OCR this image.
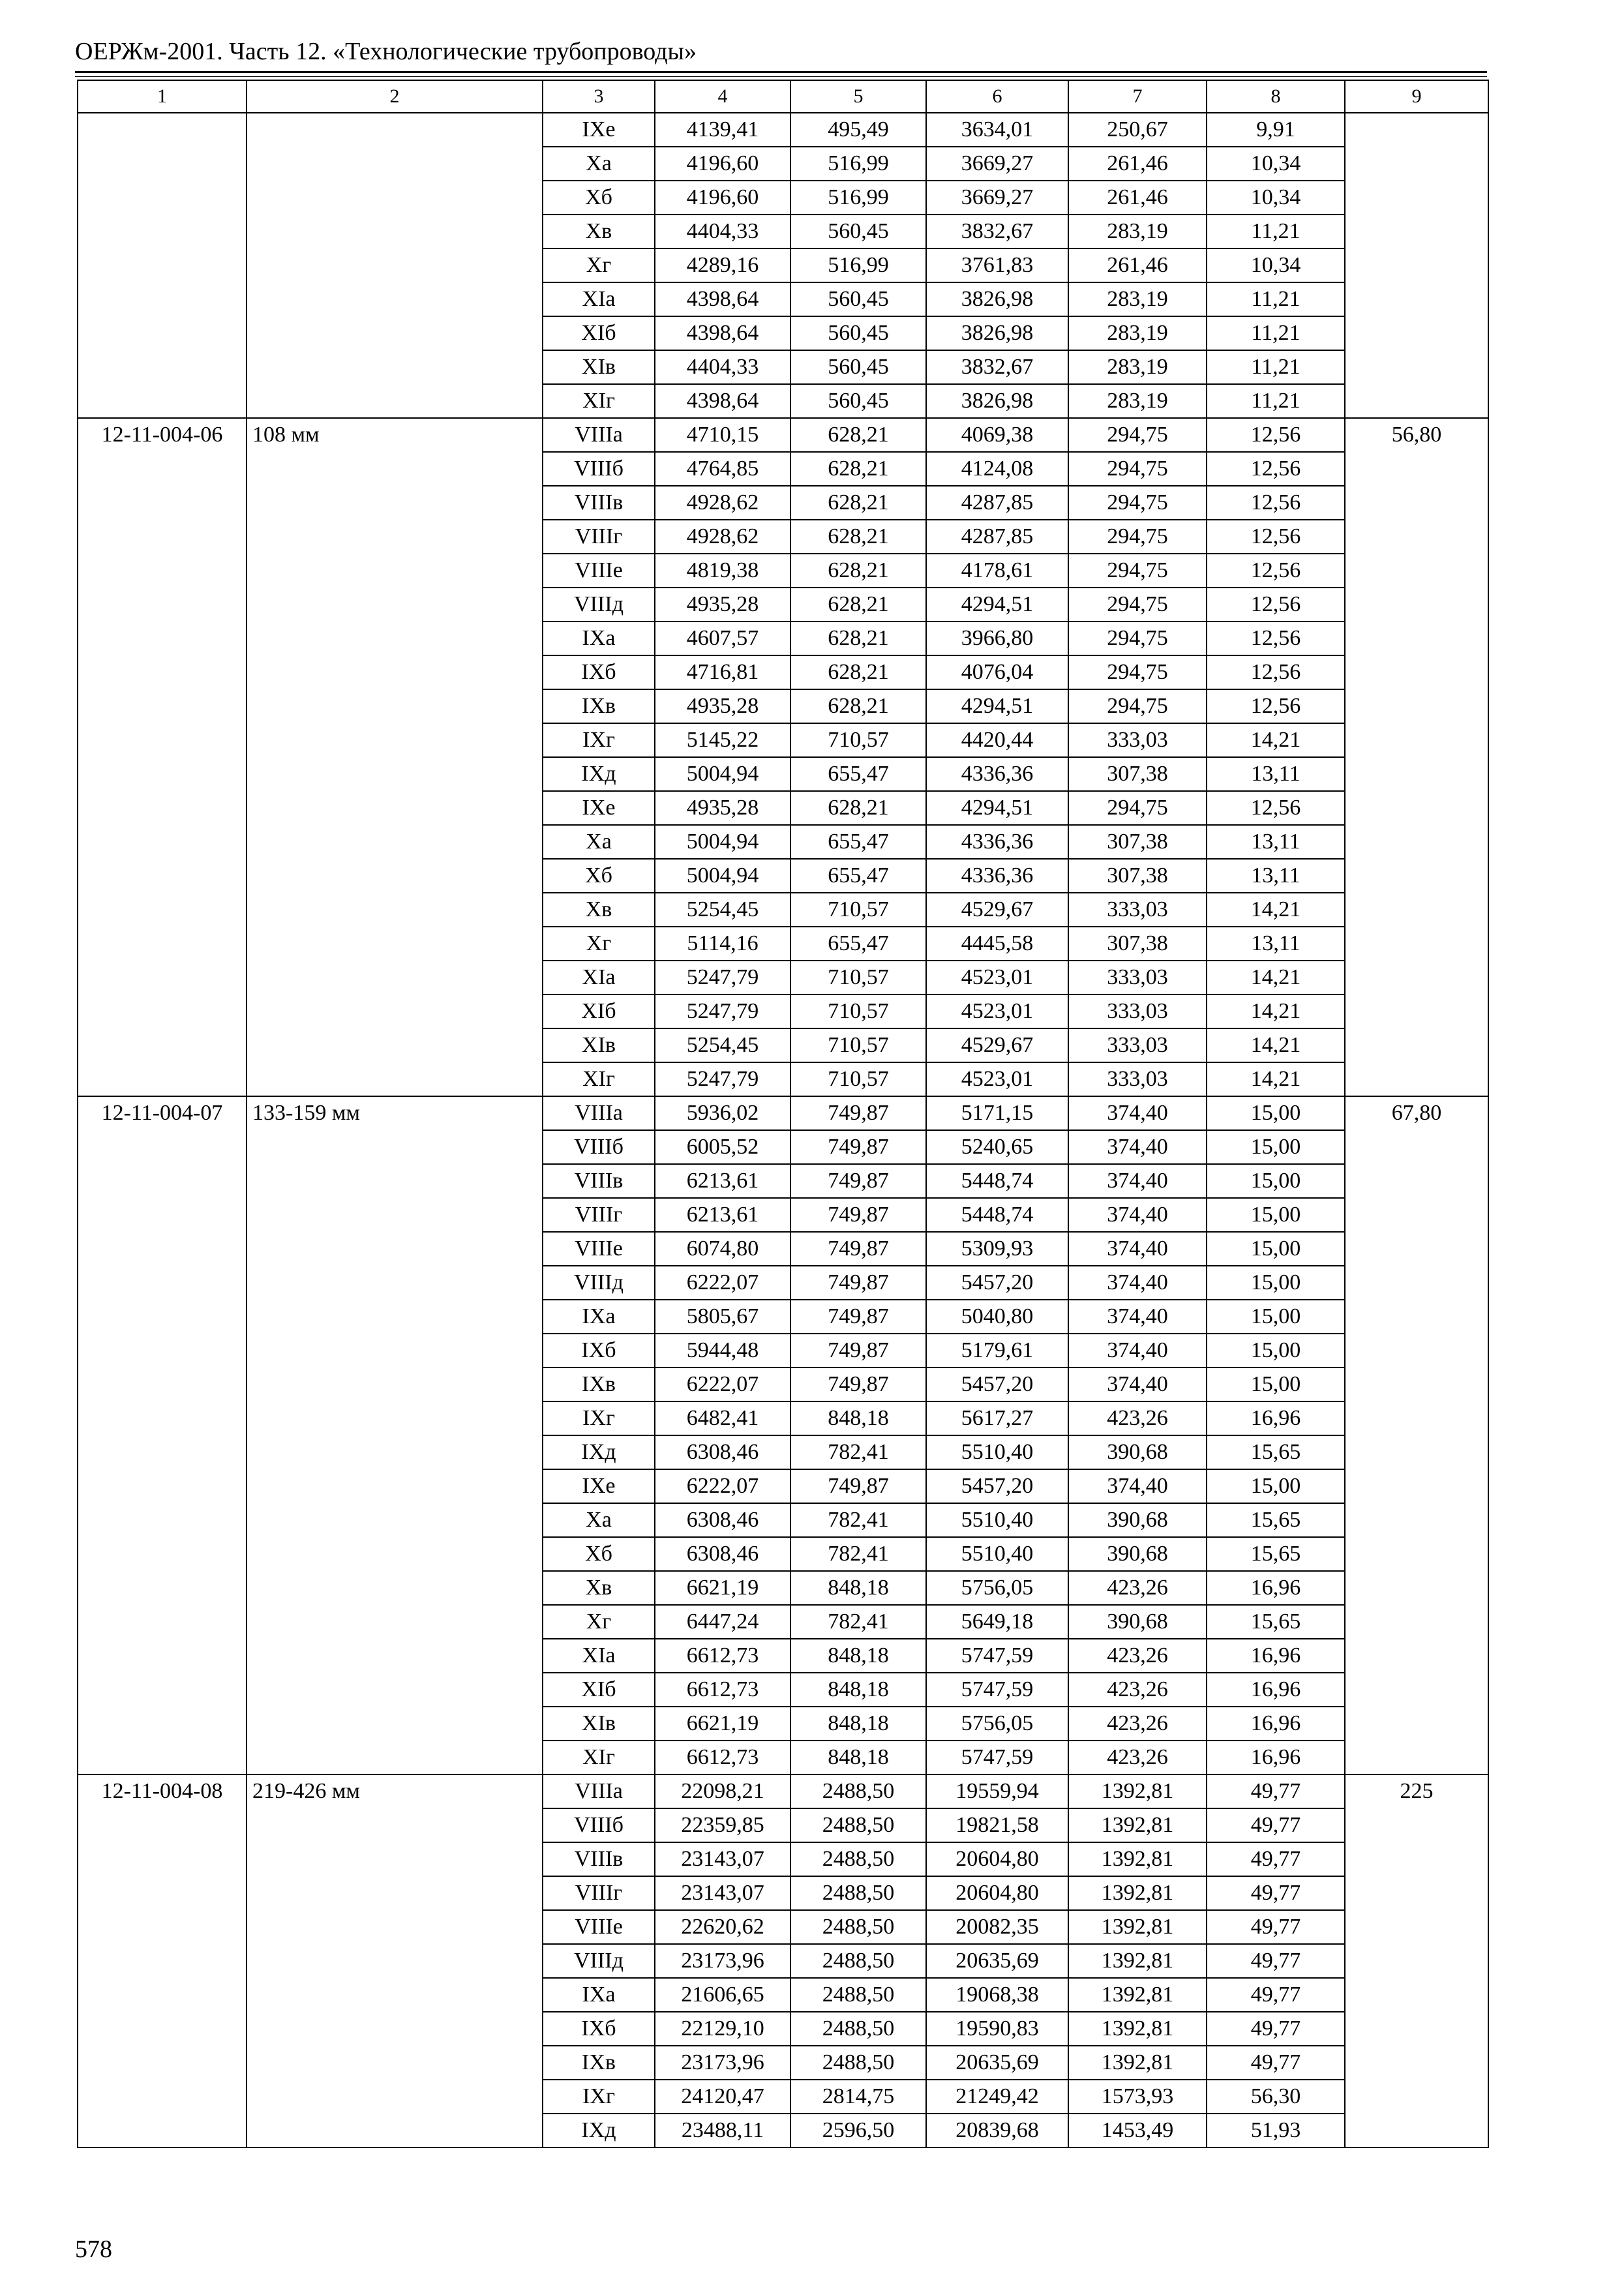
ОЕРЖм-2001. Часть 12. «Технологические трубопроводы»
1	2	3	4	5	6	7	8	9
		IXе	4139,41	495,49	3634,01	250,67	9,91	
		Xа	4196,60	516,99	3669,27	261,46	10,34	
		Xб	4196,60	516,99	3669,27	261,46	10,34	
		Xв	4404,33	560,45	3832,67	283,19	11,21	
		Xг	4289,16	516,99	3761,83	261,46	10,34	
		XIа	4398,64	560,45	3826,98	283,19	11,21	
		XIб	4398,64	560,45	3826,98	283,19	11,21	
		XIв	4404,33	560,45	3832,67	283,19	11,21	
		XIг	4398,64	560,45	3826,98	283,19	11,21	
12-11-004-06	108 мм	VIIIа	4710,15	628,21	4069,38	294,75	12,56	56,80
		VIIIб	4764,85	628,21	4124,08	294,75	12,56	
		VIIIв	4928,62	628,21	4287,85	294,75	12,56	
		VIIIг	4928,62	628,21	4287,85	294,75	12,56	
		VIIIе	4819,38	628,21	4178,61	294,75	12,56	
		VIIIд	4935,28	628,21	4294,51	294,75	12,56	
		IXа	4607,57	628,21	3966,80	294,75	12,56	
		IXб	4716,81	628,21	4076,04	294,75	12,56	
		IXв	4935,28	628,21	4294,51	294,75	12,56	
		IXг	5145,22	710,57	4420,44	333,03	14,21	
		IXд	5004,94	655,47	4336,36	307,38	13,11	
		IXе	4935,28	628,21	4294,51	294,75	12,56	
		Xа	5004,94	655,47	4336,36	307,38	13,11	
		Xб	5004,94	655,47	4336,36	307,38	13,11	
		Xв	5254,45	710,57	4529,67	333,03	14,21	
		Xг	5114,16	655,47	4445,58	307,38	13,11	
		XIа	5247,79	710,57	4523,01	333,03	14,21	
		XIб	5247,79	710,57	4523,01	333,03	14,21	
		XIв	5254,45	710,57	4529,67	333,03	14,21	
		XIг	5247,79	710,57	4523,01	333,03	14,21	
12-11-004-07	133-159 мм	VIIIа	5936,02	749,87	5171,15	374,40	15,00	67,80
		VIIIб	6005,52	749,87	5240,65	374,40	15,00	
		VIIIв	6213,61	749,87	5448,74	374,40	15,00	
		VIIIг	6213,61	749,87	5448,74	374,40	15,00	
		VIIIе	6074,80	749,87	5309,93	374,40	15,00	
		VIIIд	6222,07	749,87	5457,20	374,40	15,00	
		IXа	5805,67	749,87	5040,80	374,40	15,00	
		IXб	5944,48	749,87	5179,61	374,40	15,00	
		IXв	6222,07	749,87	5457,20	374,40	15,00	
		IXг	6482,41	848,18	5617,27	423,26	16,96	
		IXд	6308,46	782,41	5510,40	390,68	15,65	
		IXе	6222,07	749,87	5457,20	374,40	15,00	
		Xа	6308,46	782,41	5510,40	390,68	15,65	
		Xб	6308,46	782,41	5510,40	390,68	15,65	
		Xв	6621,19	848,18	5756,05	423,26	16,96	
		Xг	6447,24	782,41	5649,18	390,68	15,65	
		XIа	6612,73	848,18	5747,59	423,26	16,96	
		XIб	6612,73	848,18	5747,59	423,26	16,96	
		XIв	6621,19	848,18	5756,05	423,26	16,96	
		XIг	6612,73	848,18	5747,59	423,26	16,96	
12-11-004-08	219-426 мм	VIIIа	22098,21	2488,50	19559,94	1392,81	49,77	225
		VIIIб	22359,85	2488,50	19821,58	1392,81	49,77	
		VIIIв	23143,07	2488,50	20604,80	1392,81	49,77	
		VIIIг	23143,07	2488,50	20604,80	1392,81	49,77	
		VIIIе	22620,62	2488,50	20082,35	1392,81	49,77	
		VIIIд	23173,96	2488,50	20635,69	1392,81	49,77	
		IXа	21606,65	2488,50	19068,38	1392,81	49,77	
		IXб	22129,10	2488,50	19590,83	1392,81	49,77	
		IXв	23173,96	2488,50	20635,69	1392,81	49,77	
		IXг	24120,47	2814,75	21249,42	1573,93	56,30	
		IXд	23488,11	2596,50	20839,68	1453,49	51,93	
578
